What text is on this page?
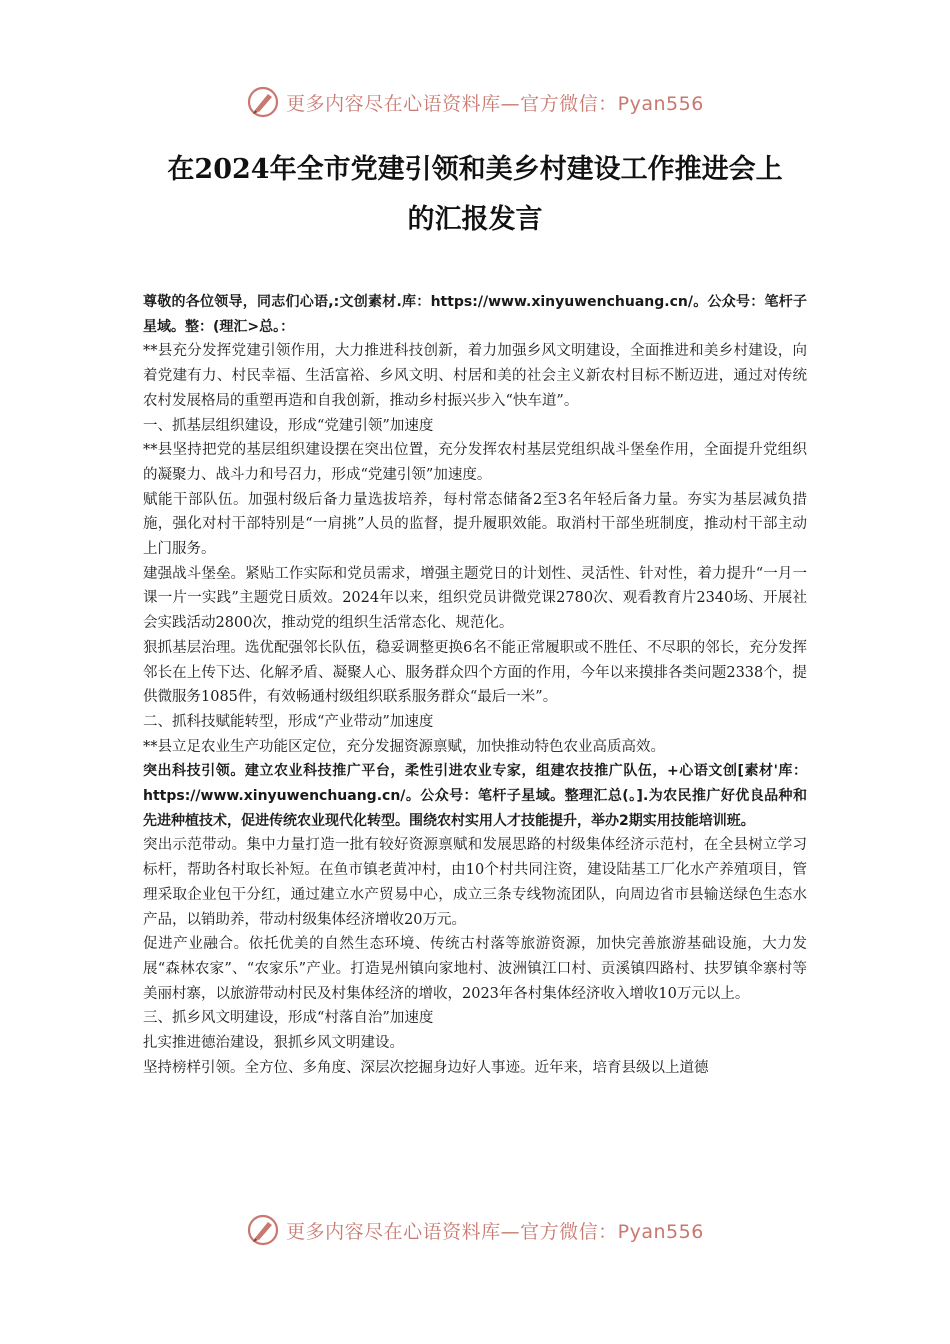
更多内容尽在心语资料库—官方微信：Pyan556
在2024年全市党建引领和美乡村建设工作推进会上
的汇报发言

尊敬的各位领导，同志们心语,:文创素材.库：https://www.xinyuwenchuang.cn/。公众号：笔杆子星域。整：(理汇>总。：

**县充分发挥党建引领作用，大力推进科技创新，着力加强乡风文明建设，全面推进和美乡村建设，向着党建有力、村民幸福、生活富裕、乡风文明、村居和美的社会主义新农村目标不断迈进，通过对传统农村发展格局的重塑再造和自我创新，推动乡村振兴步入“快车道”。

一、抓基层组织建设，形成“党建引领”加速度

**县坚持把党的基层组织建设摆在突出位置，充分发挥农村基层党组织战斗堡垒作用，全面提升党组织的凝聚力、战斗力和号召力，形成“党建引领”加速度。

赋能干部队伍。加强村级后备力量选拔培养，每村常态储备2至3名年轻后备力量。夯实为基层减负措施，强化对村干部特别是“一肩挑”人员的监督，提升履职效能。取消村干部坐班制度，推动村干部主动上门服务。

建强战斗堡垒。紧贴工作实际和党员需求，增强主题党日的计划性、灵活性、针对性，着力提升“一月一课一片一实践”主题党日质效。2024年以来，组织党员讲微党课2780次、观看教育片2340场、开展社会实践活动2800次，推动党的组织生活常态化、规范化。

狠抓基层治理。选优配强邻长队伍，稳妥调整更换6名不能正常履职或不胜任、不尽职的邻长，充分发挥邻长在上传下达、化解矛盾、凝聚人心、服务群众四个方面的作用，今年以来摸排各类问题2338个，提供微服务1085件，有效畅通村级组织联系服务群众“最后一米”。

二、抓科技赋能转型，形成“产业带动”加速度

**县立足农业生产功能区定位，充分发掘资源禀赋，加快推动特色农业高质高效。

突出科技引领。建立农业科技推广平台，柔性引进农业专家，组建农技推广队伍，+心语文创[素材'库：https://www.xinyuwenchuang.cn/。公众号：笔杆子星域。整理汇总(。].为农民推广好优良品种和先进种植技术，促进传统农业现代化转型。围绕农村实用人才技能提升，举办2期实用技能培训班。

突出示范带动。集中力量打造一批有较好资源禀赋和发展思路的村级集体经济示范村，在全县树立学习标杆，帮助各村取长补短。在鱼市镇老黄冲村，由10个村共同注资，建设陆基工厂化水产养殖项目，管理采取企业包干分红，通过建立水产贸易中心，成立三条专线物流团队，向周边省市县输送绿色生态水产品，以销助养，带动村级集体经济增收20万元。

促进产业融合。依托优美的自然生态环境、传统古村落等旅游资源，加快完善旅游基础设施，大力发展“森林农家”、“农家乐”产业。打造晃州镇向家地村、波洲镇江口村、贡溪镇四路村、扶罗镇伞寨村等美丽村寨，以旅游带动村民及村集体经济的增收，2023年各村集体经济收入增收10万元以上。

三、抓乡风文明建设，形成“村落自治”加速度

扎实推进德治建设，狠抓乡风文明建设。

坚持榜样引领。全方位、多角度、深层次挖掘身边好人事迹。近年来，培育县级以上道德

更多内容尽在心语资料库—官方微信：Pyan556
